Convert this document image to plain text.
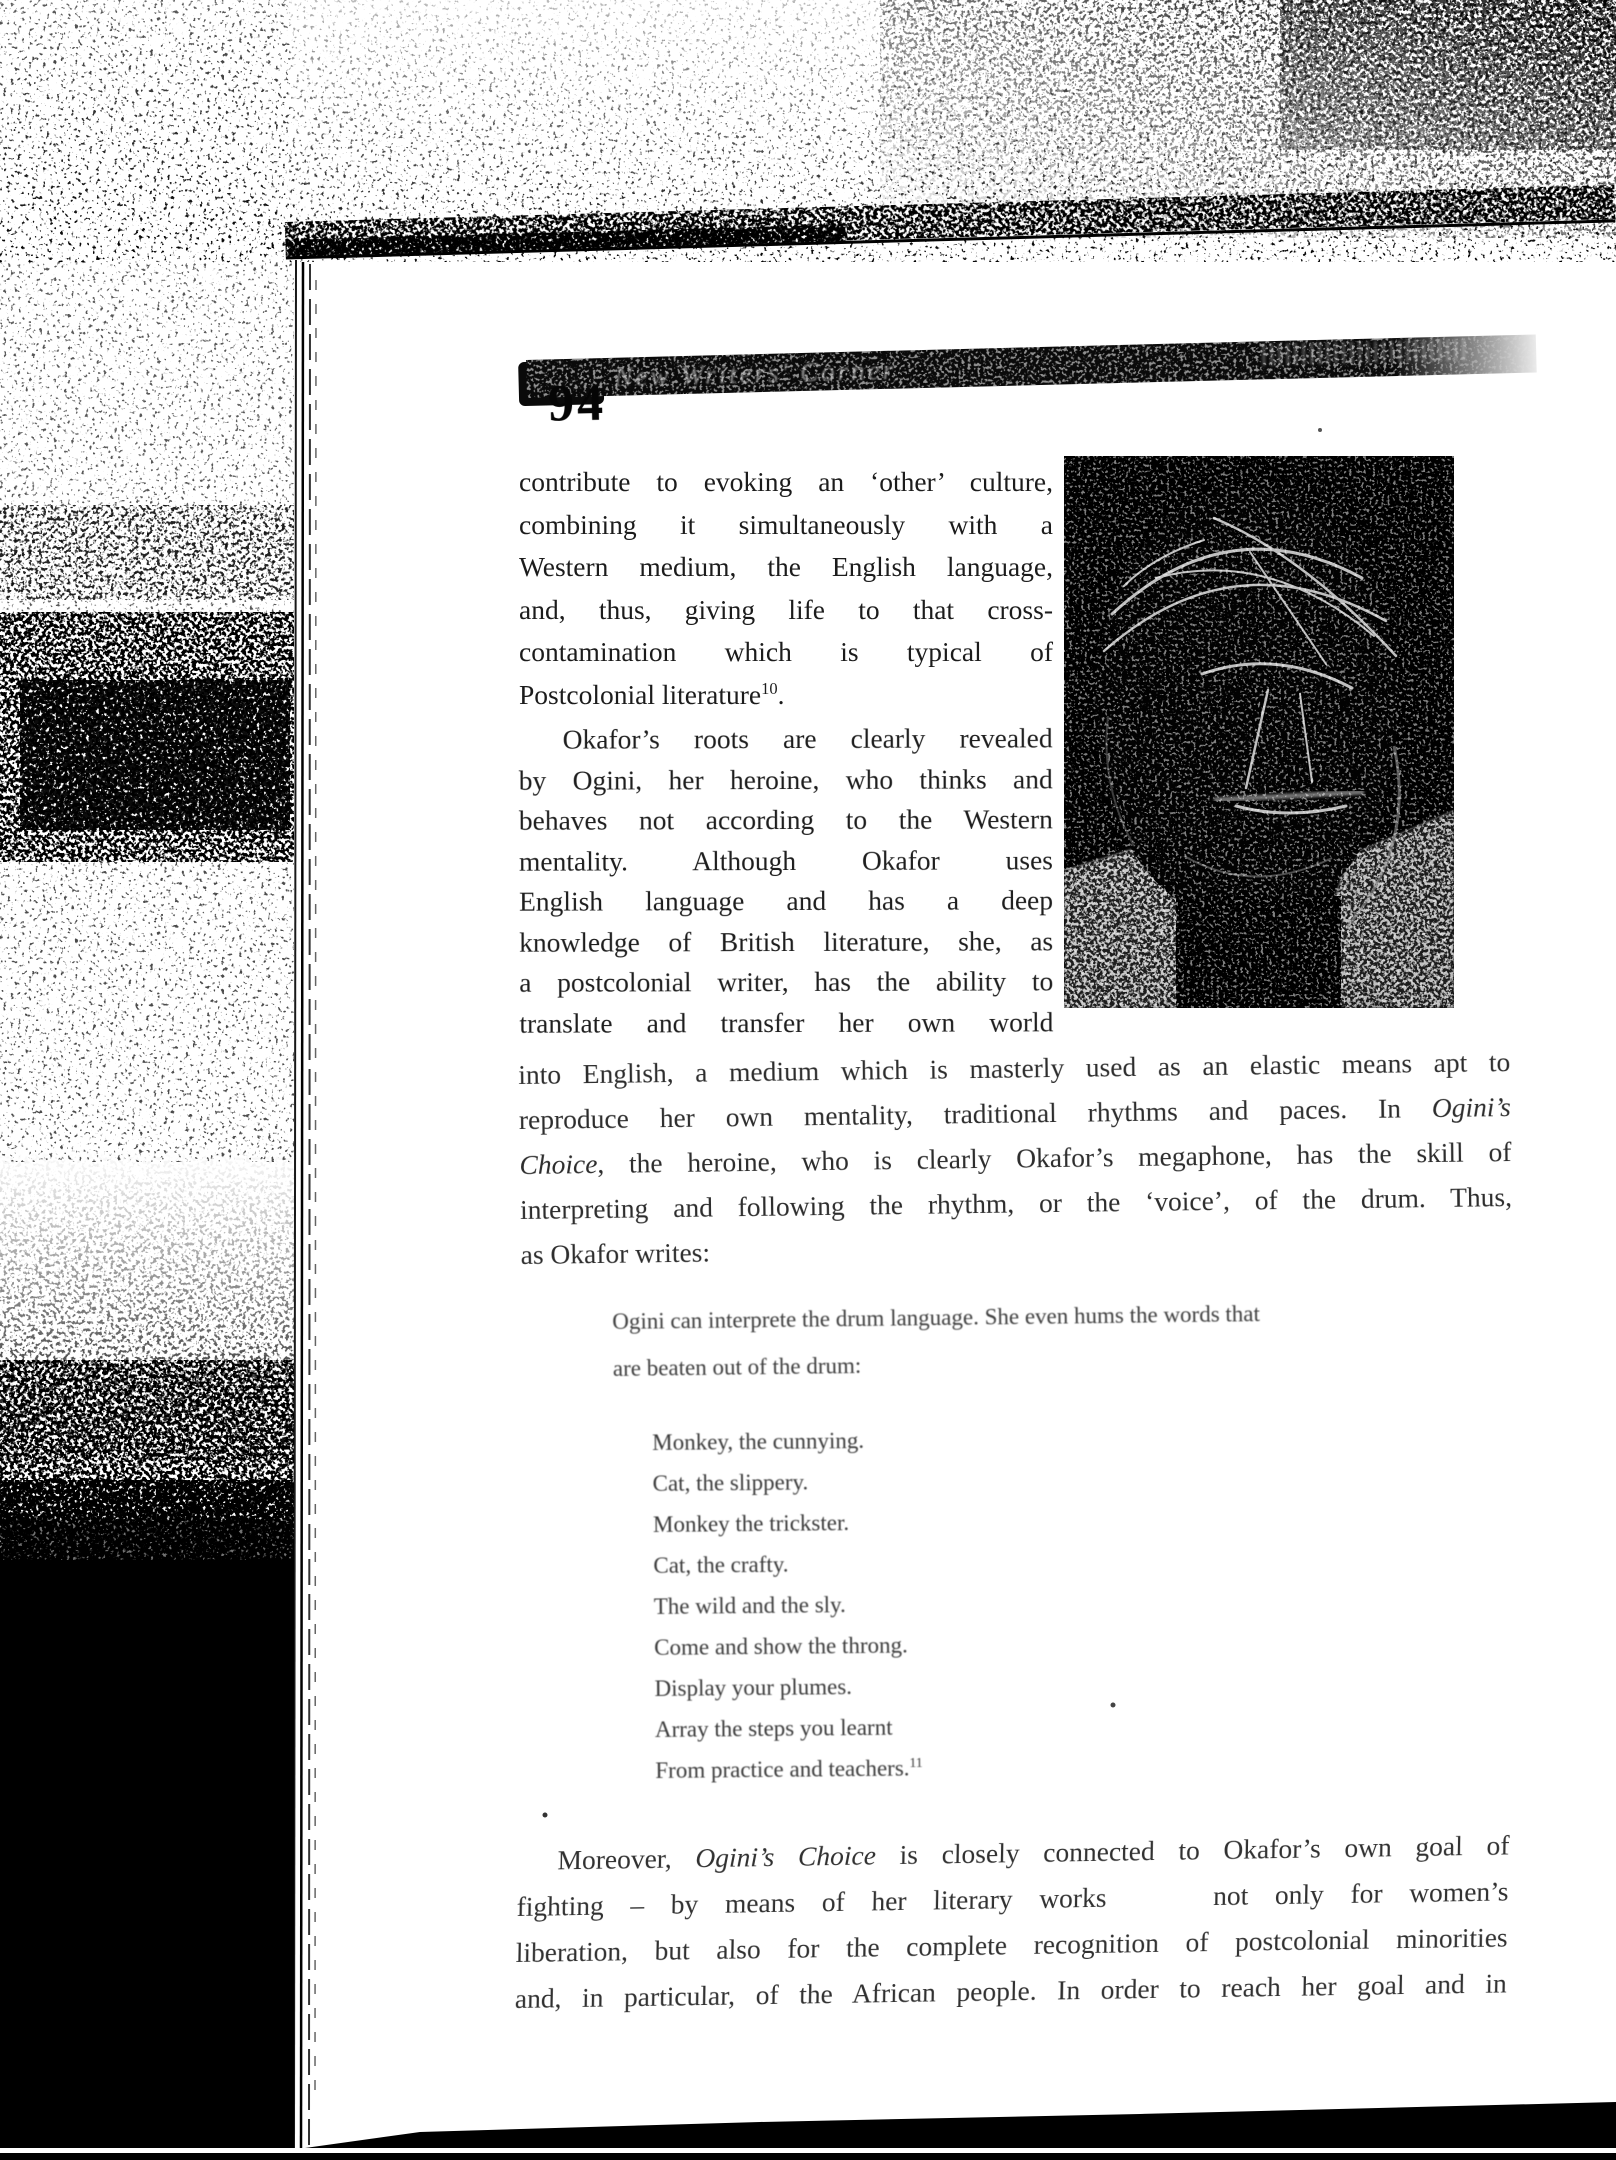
94
New Writers' Corner
contribute to evoking an ‘other’ culture,
combining it simultaneously with a
Western medium, the English language,
and, thus, giving life to that cross-
contamination which is typical of
Postcolonial literature$^{10}$.
Okafor’s roots are clearly revealed
by Ogini, her heroine, who thinks and
behaves not according to the Western
mentality. Although Okafor uses
English language and has a deep
knowledge of British literature, she, as
a postcolonial writer, has the ability to
translate and transfer her own world
into English, a medium which is masterly used as an elastic means apt to
reproduce her own mentality, traditional rhythms and paces. In Ogini’s
Choice, the heroine, who is clearly Okafor’s megaphone, has the skill of
interpreting and following the rhythm, or the ‘voice’, of the drum. Thus,
as Okafor writes:
Ogini can interprete the drum language. She even hums the words that
are beaten out of the drum:
Monkey, the cunnying.
Cat, the slippery.
Monkey the trickster.
Cat, the crafty.
The wild and the sly.
Come and show the throng.
Display your plumes.
Array the steps you learnt
From practice and teachers.$^{11}$
Moreover, Ogini’s Choice is closely connected to Okafor’s own goal of
fighting – by means of her literary works    not only for women’s
liberation, but also for the complete recognition of postcolonial minorities
and, in particular, of the African people. In order to reach her goal and in
